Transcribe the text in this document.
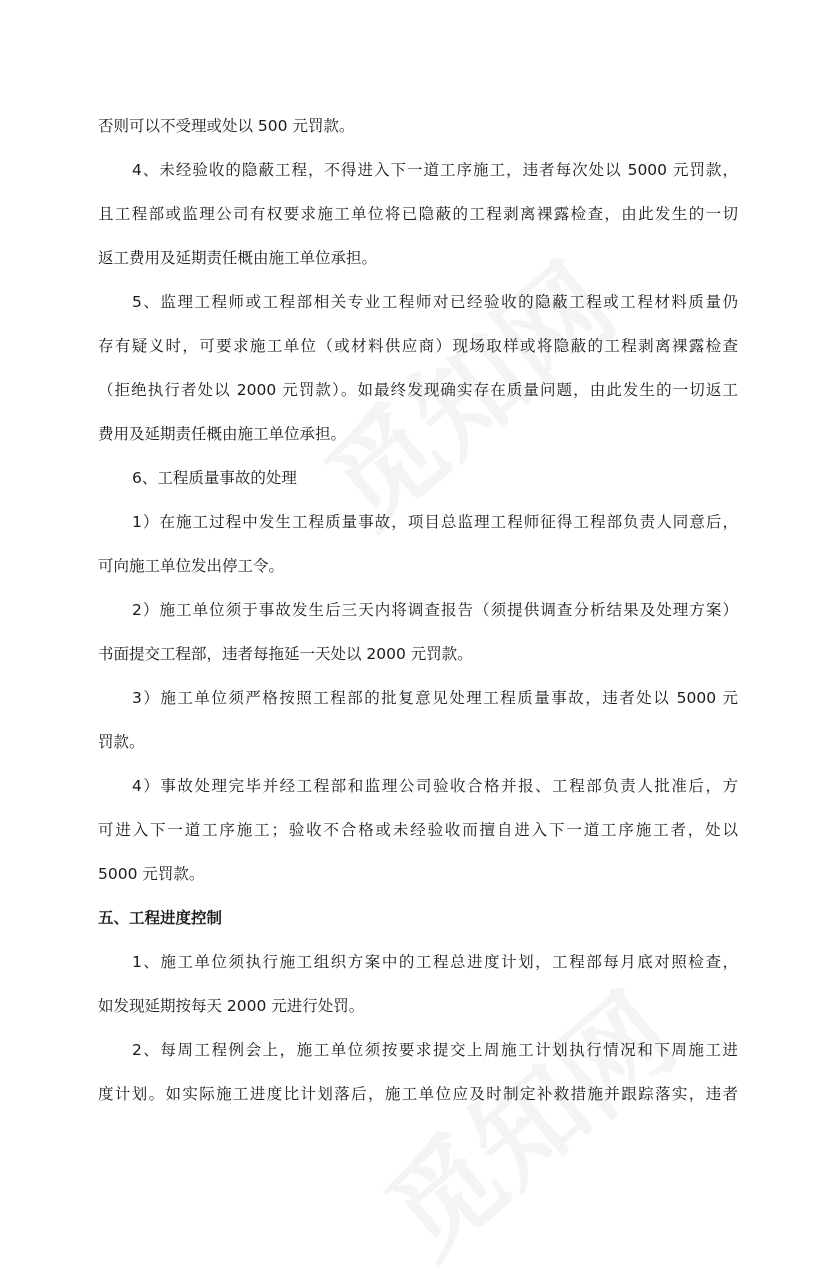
否则可以不受理或处以 500 元罚款。

4、未经验收的隐蔽工程，不得进入下一道工序施工，违者每次处以 5000 元罚款，

且工程部或监理公司有权要求施工单位将已隐蔽的工程剥离裸露检查，由此发生的一切

返工费用及延期责任概由施工单位承担。

5、监理工程师或工程部相关专业工程师对已经验收的隐蔽工程或工程材料质量仍

存有疑义时，可要求施工单位（或材料供应商）现场取样或将隐蔽的工程剥离裸露检查

（拒绝执行者处以 2000 元罚款）。如最终发现确实存在质量问题，由此发生的一切返工

费用及延期责任概由施工单位承担。

6、工程质量事故的处理

1）在施工过程中发生工程质量事故，项目总监理工程师征得工程部负责人同意后，

可向施工单位发出停工令。

2）施工单位须于事故发生后三天内将调查报告（须提供调查分析结果及处理方案）

书面提交工程部，违者每拖延一天处以 2000 元罚款。

3）施工单位须严格按照工程部的批复意见处理工程质量事故，违者处以 5000 元

罚款。

4）事故处理完毕并经工程部和监理公司验收合格并报、工程部负责人批准后，方

可进入下一道工序施工；验收不合格或未经验收而擅自进入下一道工序施工者，处以

5000 元罚款。

五、工程进度控制

1、施工单位须执行施工组织方案中的工程总进度计划，工程部每月底对照检查，

如发现延期按每天 2000 元进行处罚。

2、每周工程例会上，施工单位须按要求提交上周施工计划执行情况和下周施工进

度计划。如实际施工进度比计划落后，施工单位应及时制定补救措施并跟踪落实，违者
